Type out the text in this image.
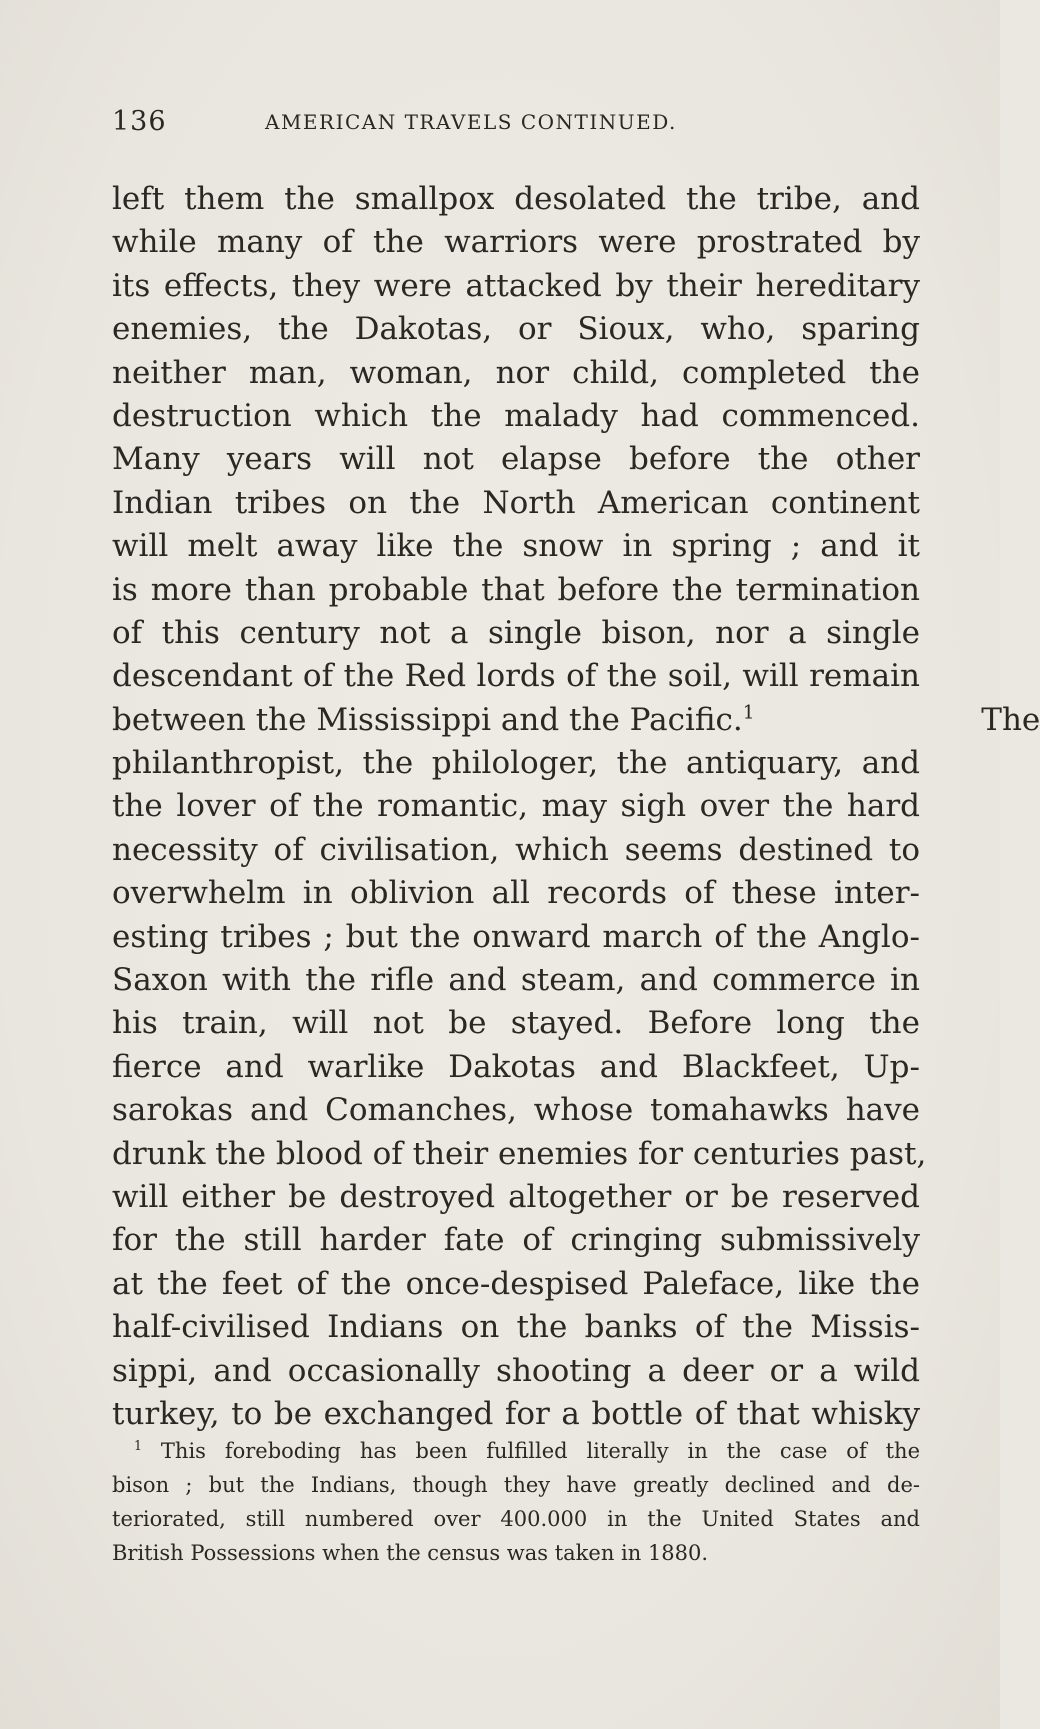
136	AMERICAN TRAVELS CONTINUED.
left them the smallpox desolated the tribe, and
while many of the warriors were prostrated by
its effects, they were attacked by their hereditary
enemies, the Dakotas, or Sioux, who, sparing
neither man, woman, nor child, completed the
destruction which the malady had commenced.
Many years will not elapse before the other
Indian tribes on the North American continent
will melt away like the snow in spring ; and it
is more than probable that before the termination
of this century not a single bison, nor a single
descendant of the Red lords of the soil, will remain
between the Mississippi and the Pacific.$^1$	The
philanthropist, the philologer, the antiquary, and
the lover of the romantic, may sigh over the hard
necessity of civilisation, which seems destined to
overwhelm in oblivion all records of these inter-
esting tribes ; but the onward march of the Anglo-
Saxon with the rifle and steam, and commerce in
his train, will not be stayed. Before long the
fierce and warlike Dakotas and Blackfeet, Up-
sarokas and Comanches, whose tomahawks have
drunk the blood of their enemies for centuries past,
will either be destroyed altogether or be reserved
for the still harder fate of cringing submissively
at the feet of the once-despised Paleface, like the
half-civilised Indians on the banks of the Missis-
sippi, and occasionally shooting a deer or a wild
turkey, to be exchanged for a bottle of that whisky
$^1$ This foreboding has been fulfilled literally in the case of the
bison ; but the Indians, though they have greatly declined and de-
teriorated, still numbered over 400.000 in the United States and
British Possessions when the census was taken in 1880.
